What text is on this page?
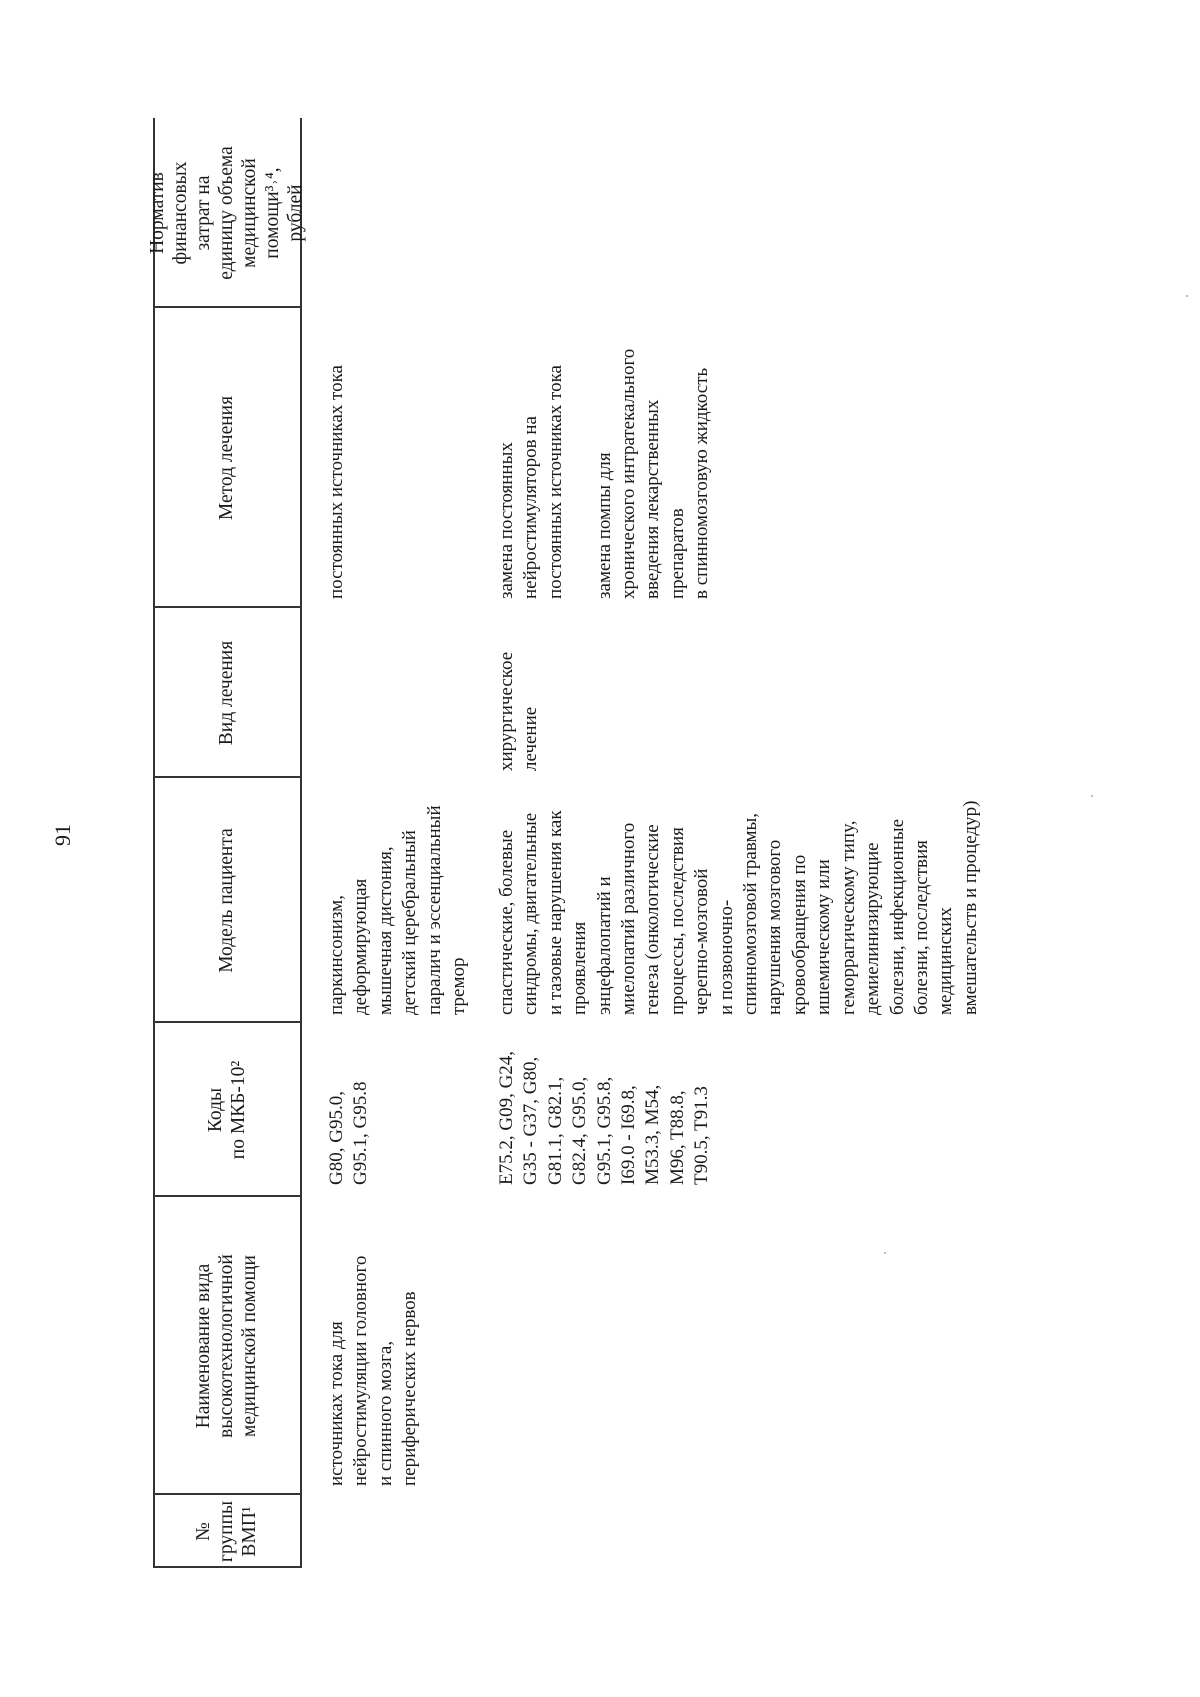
91
№
группы
ВМП¹
Наименование вида
высокотехнологичной
медицинской помощи
Коды
по МКБ-10²
Модель пациента
Вид лечения
Метод лечения
Норматив
финансовых
затрат на
единицу объема
медицинской
помощи³˒⁴,
рублей
источниках тока для
нейростимуляции головного
и спинного мозга,
периферических нервов
G80, G95.0,
G95.1, G95.8
паркинсонизм,
деформирующая
мышечная дистония,
детский церебральный
паралич и эссенциальный
тремор
постоянных источниках тока
E75.2, G09, G24,
G35 - G37, G80,
G81.1, G82.1,
G82.4, G95.0,
G95.1, G95.8,
I69.0 - I69.8,
M53.3, M54,
M96, T88.8,
T90.5, T91.3
спастические, болевые
синдромы, двигательные
и тазовые нарушения как
проявления
энцефалопатий и
миелопатий различного
генеза (онкологические
процессы, последствия
черепно-мозговой
и позвоночно-
спинномозговой травмы,
нарушения мозгового
кровообращения по
ишемическому или
геморрагическому типу,
демиелинизирующие
болезни, инфекционные
болезни, последствия
медицинских
вмешательств и процедур)
хирургическое
лечение
замена постоянных
нейростимуляторов на
постоянных источниках тока

замена помпы для
хронического интратекального
введения лекарственных
препаратов
в спинномозговую жидкость
